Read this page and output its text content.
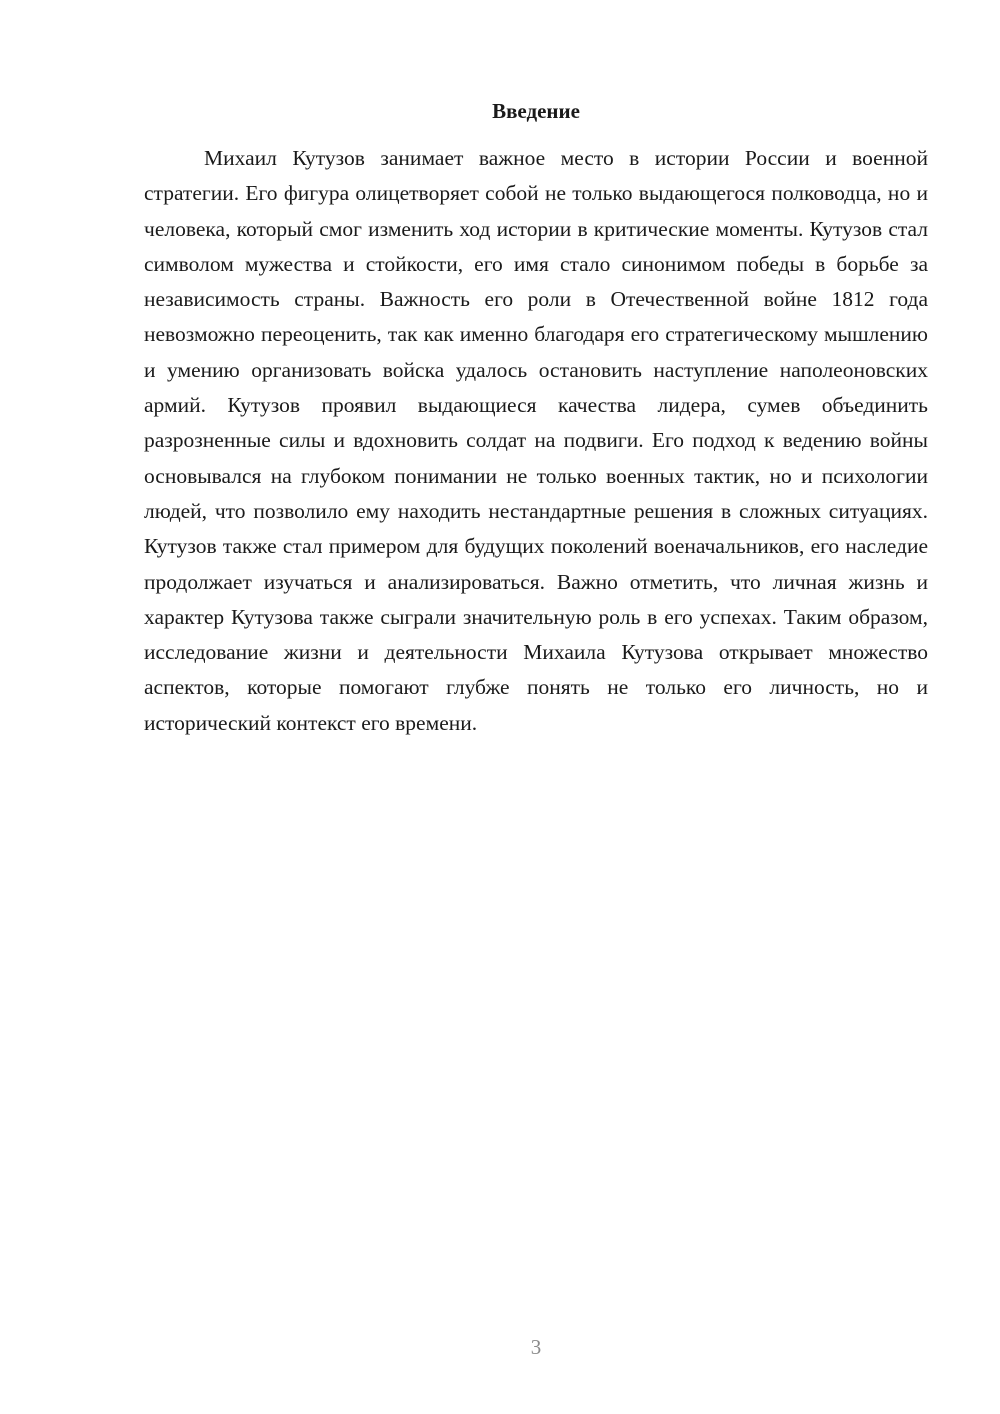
Введение

Михаил Кутузов занимает важное место в истории России и военной стратегии. Его фигура олицетворяет собой не только выдающегося полководца, но и человека, который смог изменить ход истории в критические моменты. Кутузов стал символом мужества и стойкости, его имя стало синонимом победы в борьбе за независимость страны. Важность его роли в Отечественной войне 1812 года невозможно переоценить, так как именно благодаря его стратегическому мышлению и умению организовать войска удалось остановить наступление наполеоновских армий. Кутузов проявил выдающиеся качества лидера, сумев объединить разрозненные силы и вдохновить солдат на подвиги. Его подход к ведению войны основывался на глубоком понимании не только военных тактик, но и психологии людей, что позволило ему находить нестандартные решения в сложных ситуациях. Кутузов также стал примером для будущих поколений военачальников, его наследие продолжает изучаться и анализироваться. Важно отметить, что личная жизнь и характер Кутузова также сыграли значительную роль в его успехах. Таким образом, исследование жизни и деятельности Михаила Кутузова открывает множество аспектов, которые помогают глубже понять не только его личность, но и исторический контекст его времени.

3
